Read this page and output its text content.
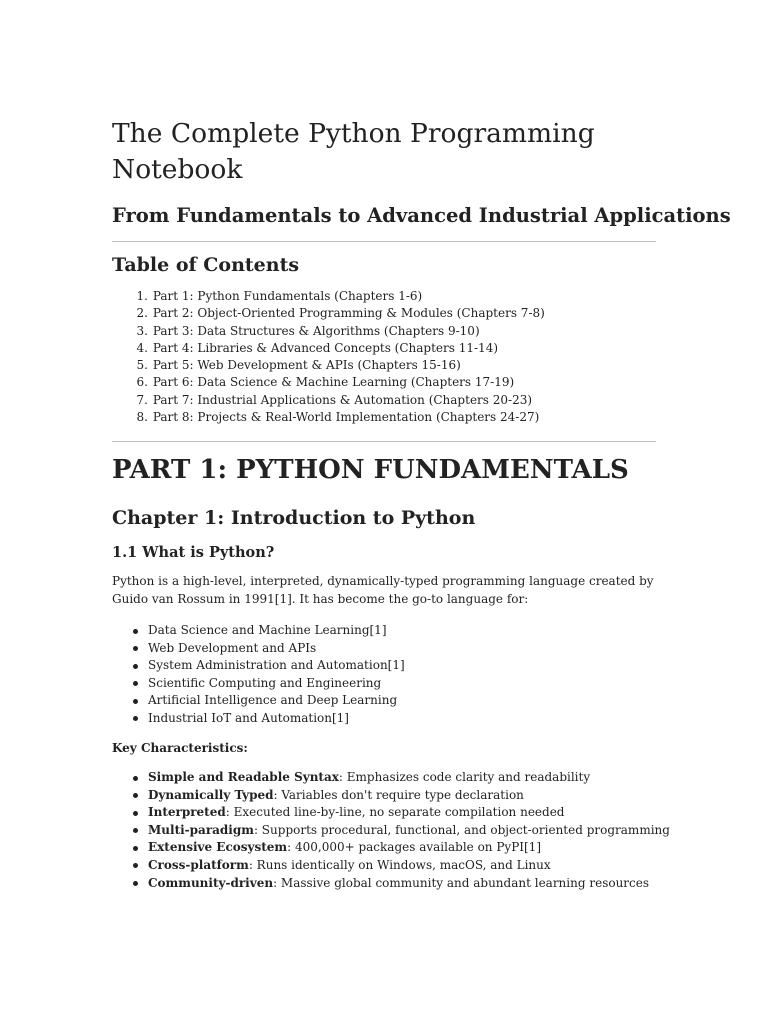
The Complete Python Programming Notebook
From Fundamentals to Advanced Industrial Applications
Table of Contents
1.
Part 1: Python Fundamentals (Chapters 1-6)
2.
Part 2: Object-Oriented Programming & Modules (Chapters 7-8)
3.
Part 3: Data Structures & Algorithms (Chapters 9-10)
4.
Part 4: Libraries & Advanced Concepts (Chapters 11-14)
5.
Part 5: Web Development & APIs (Chapters 15-16)
6.
Part 6: Data Science & Machine Learning (Chapters 17-19)
7.
Part 7: Industrial Applications & Automation (Chapters 20-23)
8.
Part 8: Projects & Real-World Implementation (Chapters 24-27)
PART 1: PYTHON FUNDAMENTALS
Chapter 1: Introduction to Python
1.1 What is Python?

Python is a high-level, interpreted, dynamically-typed programming language created by Guido van Rossum in 1991[1]. It has become the go-to language for:

Data Science and Machine Learning[1]
Web Development and APIs
System Administration and Automation[1]
Scientific Computing and Engineering
Artificial Intelligence and Deep Learning
Industrial IoT and Automation[1]

Key Characteristics:

Simple and Readable Syntax: Emphasizes code clarity and readability
Dynamically Typed: Variables don't require type declaration
Interpreted: Executed line-by-line, no separate compilation needed
Multi-paradigm: Supports procedural, functional, and object-oriented programming
Extensive Ecosystem: 400,000+ packages available on PyPI[1]
Cross-platform: Runs identically on Windows, macOS, and Linux
Community-driven: Massive global community and abundant learning resources
